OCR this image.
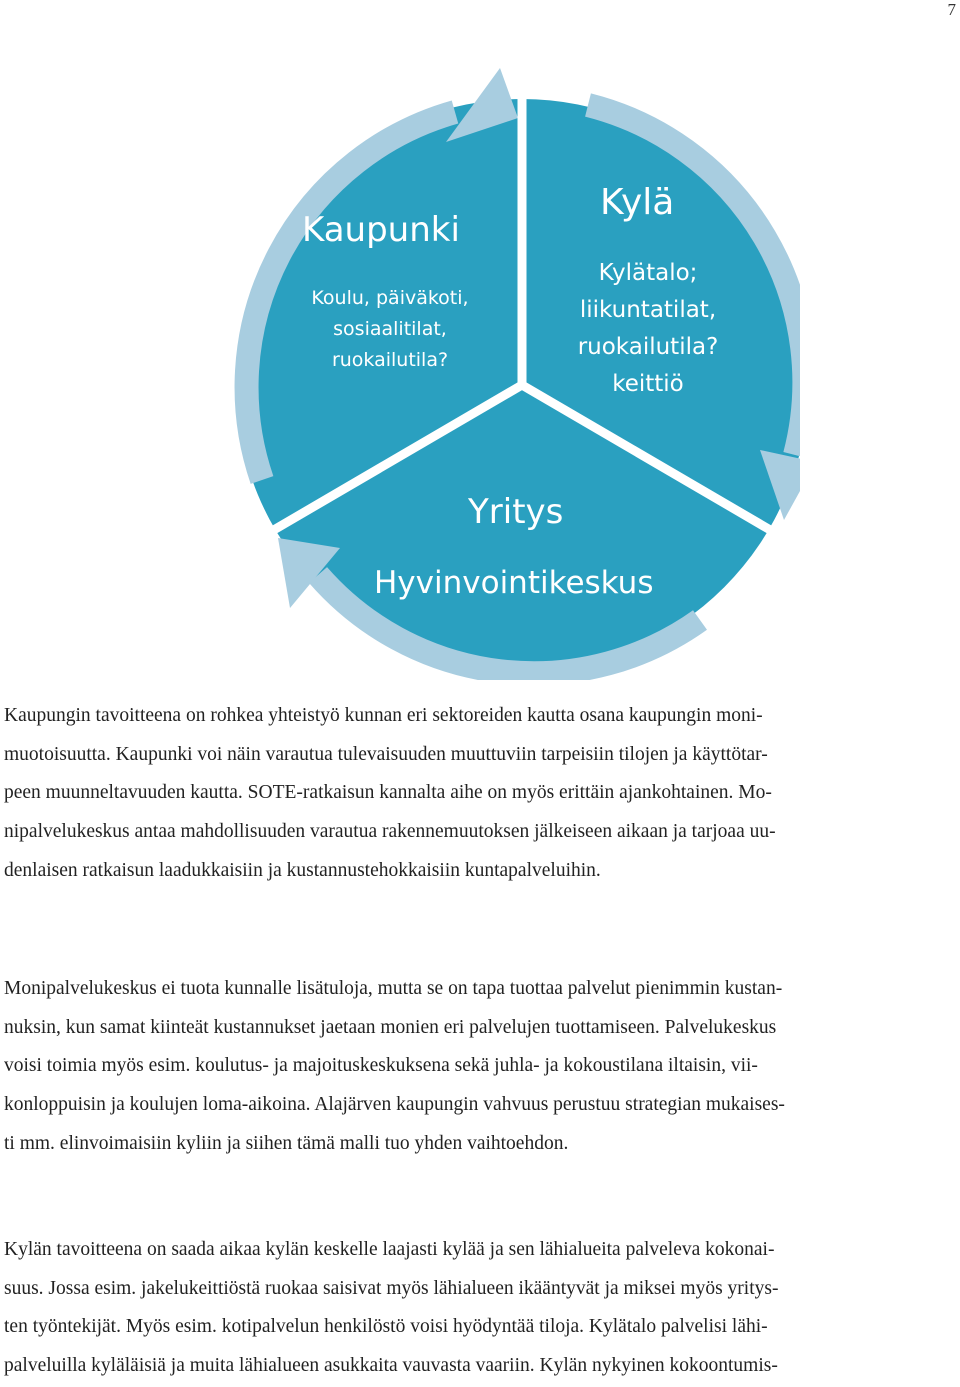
7
Kaupunki
Koulu, päiväkoti,
sosiaalitilat,
ruokailutila?
Kylä
Kylätalo;
liikuntatilat,
ruokailutila?
keittiö
Yritys
Hyvinvointikeskus
Kaupungin tavoitteena on rohkea yhteistyö kunnan eri sektoreiden kautta osana kaupungin moni-
muotoisuutta. Kaupunki voi näin varautua tulevaisuuden muuttuviin tarpeisiin tilojen ja käyttötar-
peen muunneltavuuden kautta. SOTE-ratkaisun kannalta aihe on myös erittäin ajankohtainen. Mo-
nipalvelukeskus antaa mahdollisuuden varautua rakennemuutoksen jälkeiseen aikaan ja tarjoaa uu-
denlaisen ratkaisun laadukkaisiin ja kustannustehokkaisiin kuntapalveluihin.
Monipalvelukeskus ei tuota kunnalle lisätuloja, mutta se on tapa tuottaa palvelut pienimmin kustan-
nuksin, kun samat kiinteät kustannukset jaetaan monien eri palvelujen tuottamiseen. Palvelukeskus
voisi toimia myös esim. koulutus- ja majoituskeskuksena sekä juhla- ja kokoustilana iltaisin, vii-
konloppuisin ja koulujen loma-aikoina. Alajärven kaupungin vahvuus perustuu strategian mukaises-
ti mm. elinvoimaisiin kyliin ja siihen tämä malli tuo yhden vaihtoehdon.
Kylän tavoitteena on saada aikaa kylän keskelle laajasti kylää ja sen lähialueita palveleva kokonai-
suus. Jossa esim. jakelukeittiöstä ruokaa saisivat myös lähialueen ikääntyvät ja miksei myös yritys-
ten työntekijät. Myös esim. kotipalvelun henkilöstö voisi hyödyntää tiloja. Kylätalo palvelisi lähi-
palveluilla kyläläisiä ja muita lähialueen asukkaita vauvasta vaariin. Kylän nykyinen kokoontumis-
